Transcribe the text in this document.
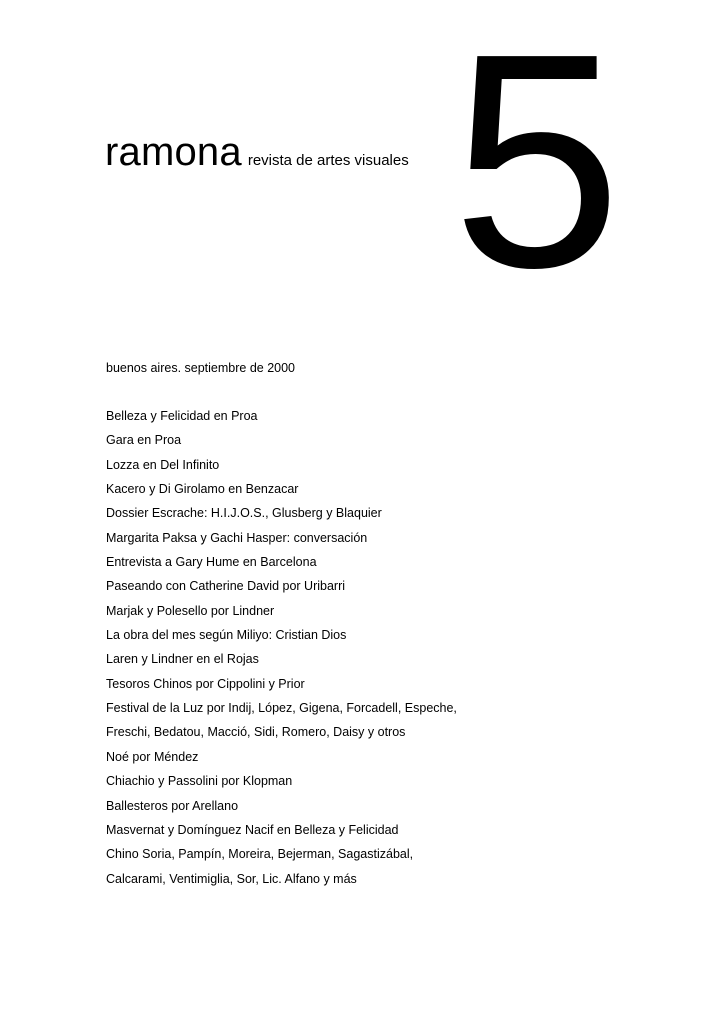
ramona revista de artes visuales 5
buenos aires. septiembre de 2000
Belleza y Felicidad en Proa
Gara en Proa
Lozza en Del Infinito
Kacero y Di Girolamo en Benzacar
Dossier Escrache: H.I.J.O.S., Glusberg y Blaquier
Margarita Paksa y Gachi Hasper: conversación
Entrevista a Gary Hume en Barcelona
Paseando con Catherine David por Uribarri
Marjak y Polesello por Lindner
La obra del mes según Miliyo: Cristian Dios
Laren y Lindner en el Rojas
Tesoros Chinos por Cippolini y Prior
Festival de la Luz por Indij, López, Gigena, Forcadell, Espeche,
Freschi, Bedatou, Macció, Sidi, Romero, Daisy y otros
Noé por Méndez
Chiachio y Passolini por Klopman
Ballesteros por Arellano
Masvernat y Domínguez Nacif en Belleza y Felicidad
Chino Soria, Pampín, Moreira, Bejerman, Sagastizábal,
Calcarami, Ventimiglia, Sor, Lic. Alfano y más
